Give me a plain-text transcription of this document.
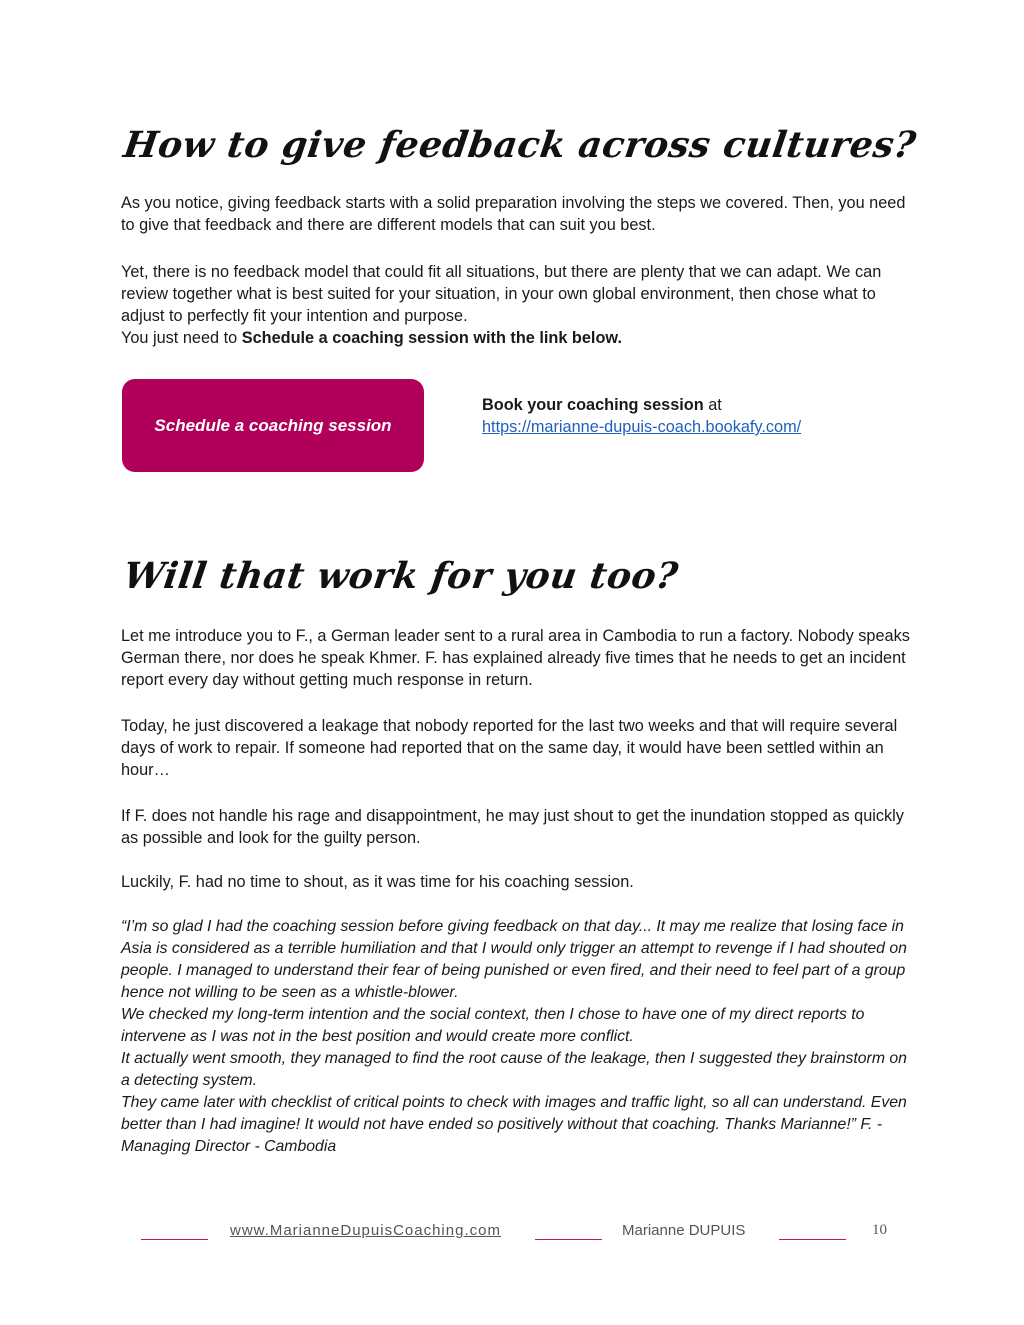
How to give feedback across cultures?

As you notice, giving feedback starts with a solid preparation involving the steps we covered. Then, you need to give that feedback and there are different models that can suit you best.

Yet, there is no feedback model that could fit all situations, but there are plenty that we can adapt. We can review together what is best suited for your situation, in your own global environment, then chose what to adjust to perfectly fit your intention and purpose.
You just need to Schedule a coaching session with the link below.

Schedule a coaching session
Book your coaching session at
https://marianne-dupuis-coach.bookafy.com/
Will that work for you too?

Let me introduce you to F., a German leader sent to a rural area in Cambodia to run a factory. Nobody speaks German there, nor does he speak Khmer. F. has explained already five times that he needs to get an incident report every day without getting much response in return.

Today, he just discovered a leakage that nobody reported for the last two weeks and that will require several days of work to repair. If someone had reported that on the same day, it would have been settled within an hour…

If F. does not handle his rage and disappointment, he may just shout to get the inundation stopped as quickly as possible and look for the guilty person.

Luckily, F. had no time to shout, as it was time for his coaching session.

“I’m so glad I had the coaching session before giving feedback on that day... It may me realize that losing face in Asia is considered as a terrible humiliation and that I would only trigger an attempt to revenge if I had shouted on people. I managed to understand their fear of being punished or even fired, and their need to feel part of a group hence not willing to be seen as a whistle-blower.
We checked my long-term intention and the social context, then I chose to have one of my direct reports to intervene as I was not in the best position and would create more conflict.
It actually went smooth, they managed to find the root cause of the leakage, then I suggested they brainstorm on a detecting system.
They came later with checklist of critical points to check with images and traffic light, so all can understand. Even better than I had imagine! It would not have ended so positively without that coaching. Thanks Marianne!” F. - Managing Director - Cambodia
www.MarianneDupuisCoaching.com	Marianne DUPUIS	10
